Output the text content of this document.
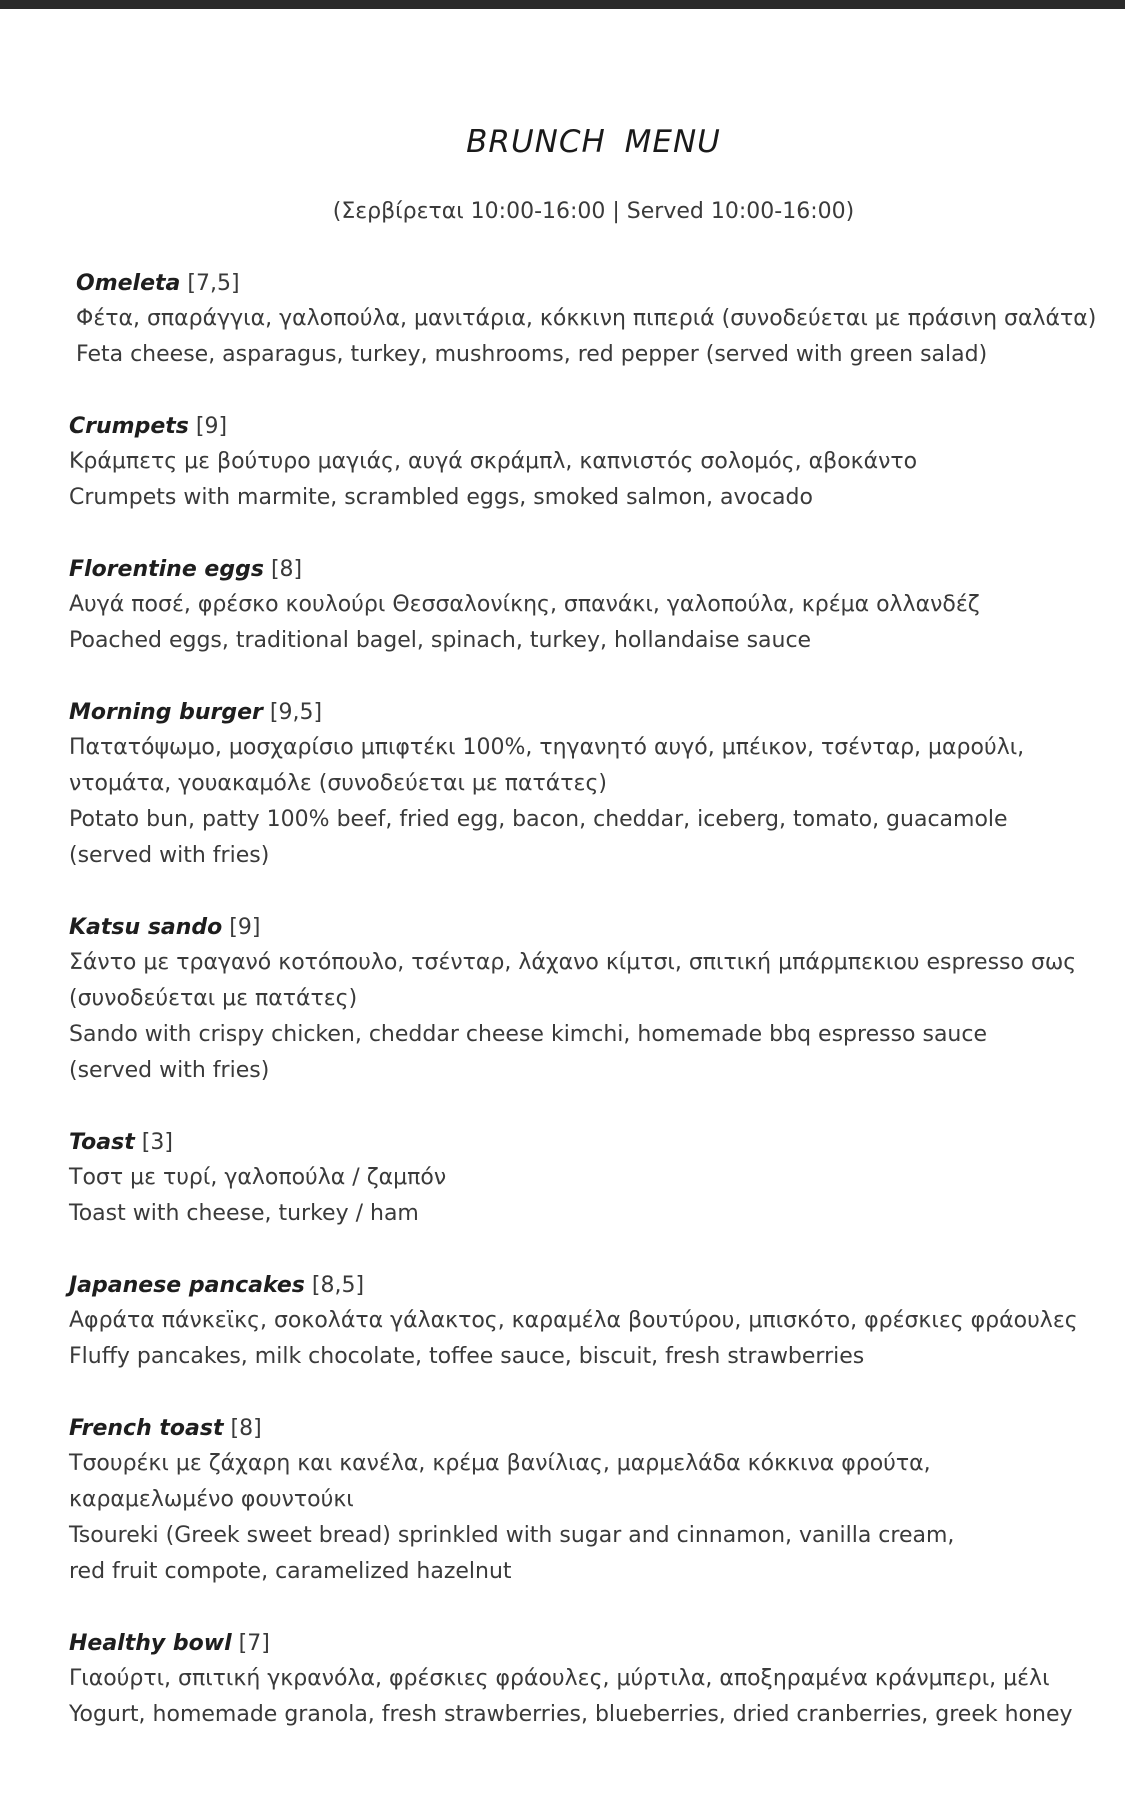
BRUNCH MENU
(Σερβίρεται 10:00-16:00 | Served 10:00-16:00)
Omeleta [7,5]
Φέτα, σπαράγγια, γαλοπούλα, μανιτάρια, κόκκινη πιπεριά (συνοδεύεται με πράσινη σαλάτα)
Feta cheese, asparagus, turkey, mushrooms, red pepper (served with green salad)
Crumpets [9]
Κράμπετς με βούτυρο μαγιάς, αυγά σκράμπλ, καπνιστός σολομός, αβοκάντο
Crumpets with marmite, scrambled eggs, smoked salmon, avocado
Florentine eggs [8]
Αυγά ποσέ, φρέσκο κουλούρι Θεσσαλονίκης, σπανάκι, γαλοπούλα, κρέμα ολλανδέζ
Poached eggs, traditional bagel, spinach, turkey, hollandaise sauce
Morning burger [9,5]
Πατατόψωμο, μοσχαρίσιο μπιφτέκι 100%, τηγανητό αυγό, μπέικον, τσένταρ, μαρούλι,
ντομάτα, γουακαμόλε (συνοδεύεται με πατάτες)
Potato bun, patty 100% beef, fried egg, bacon, cheddar, iceberg, tomato, guacamole
(served with fries)
Katsu sando [9]
Σάντο με τραγανό κοτόπουλο, τσένταρ, λάχανο κίμτσι, σπιτική μπάρμπεκιου espresso σως
(συνοδεύεται με πατάτες)
Sando with crispy chicken, cheddar cheese kimchi, homemade bbq espresso sauce
(served with fries)
Toast [3]
Τοστ με τυρί, γαλοπούλα / ζαμπόν
Toast with cheese, turkey / ham
Japanese pancakes [8,5]
Αφράτα πάνκεϊκς, σοκολάτα γάλακτος, καραμέλα βουτύρου, μπισκότο, φρέσκιες φράουλες
Fluffy pancakes, milk chocolate, toffee sauce, biscuit, fresh strawberries
French toast [8]
Τσουρέκι με ζάχαρη και κανέλα, κρέμα βανίλιας, μαρμελάδα κόκκινα φρούτα,
καραμελωμένο φουντούκι
Tsoureki (Greek sweet bread) sprinkled with sugar and cinnamon, vanilla cream,
red fruit compote, caramelized hazelnut
Healthy bowl [7]
Γιαούρτι, σπιτική γκρανόλα, φρέσκιες φράουλες, μύρτιλα, αποξηραμένα κράνμπερι, μέλι
Yogurt, homemade granola, fresh strawberries, blueberries, dried cranberries, greek honey
